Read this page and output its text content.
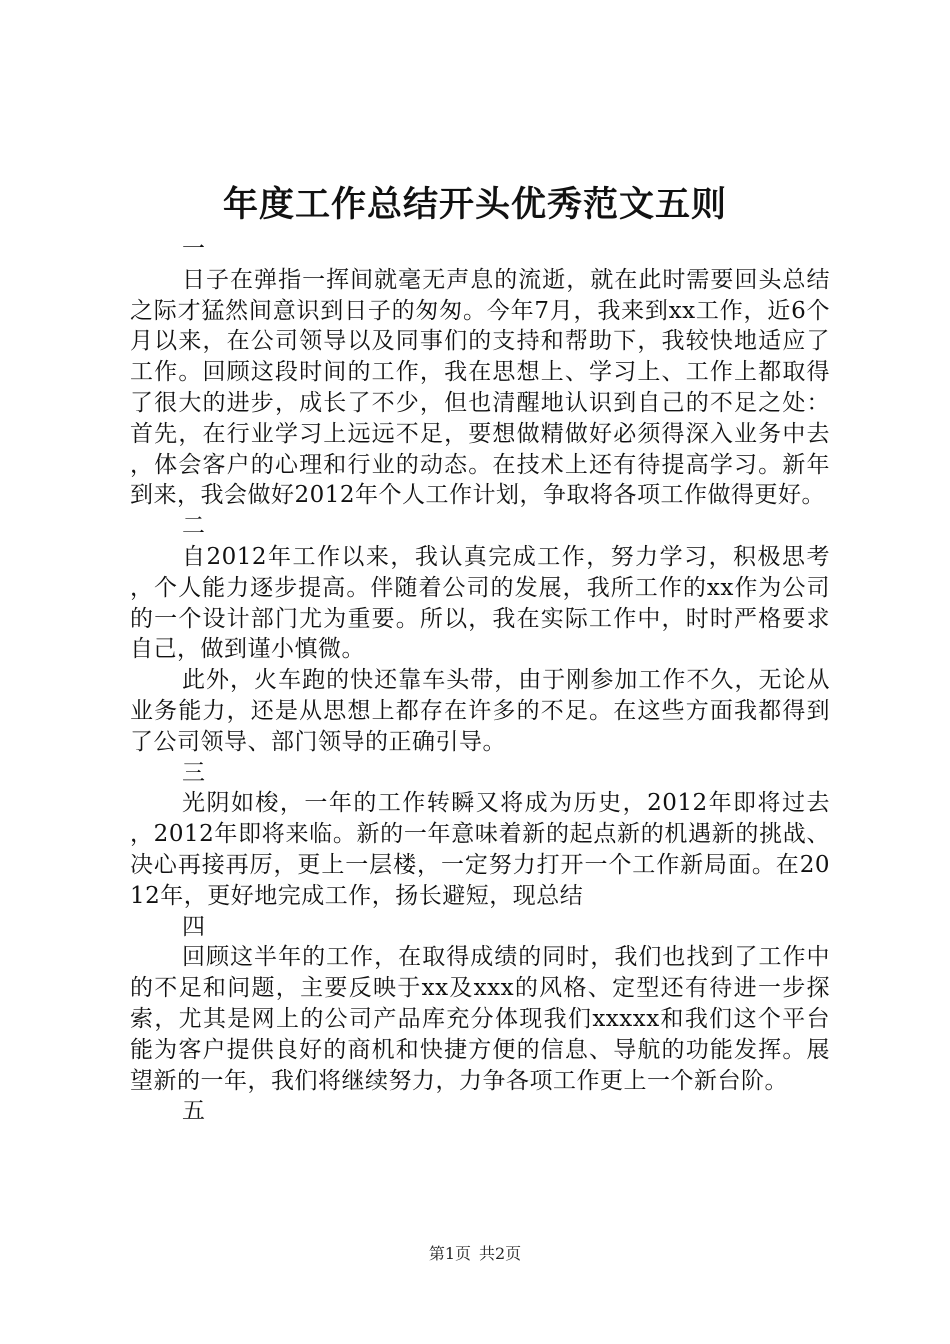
年度工作总结开头优秀范文五则
一

日子在弹指一挥间就毫无声息的流逝，就在此时需要回头总结之际才猛然间意识到日子的匆匆。今年7月，我来到xx工作，近6个月以来，在公司领导以及同事们的支持和帮助下，我较快地适应了工作。回顾这段时间的工作，我在思想上、学习上、工作上都取得了很大的进步，成长了不少，但也清醒地认识到自己的不足之处：首先，在行业学习上远远不足，要想做精做好必须得深入业务中去，体会客户的心理和行业的动态。在技术上还有待提高学习。新年到来，我会做好2012年个人工作计划，争取将各项工作做得更好。

二

自2012年工作以来，我认真完成工作，努力学习，积极思考，个人能力逐步提高。伴随着公司的发展，我所工作的xx作为公司的一个设计部门尤为重要。所以，我在实际工作中，时时严格要求自己，做到谨小慎微。

此外，火车跑的快还靠车头带，由于刚参加工作不久，无论从业务能力，还是从思想上都存在许多的不足。在这些方面我都得到了公司领导、部门领导的正确引导。

三

光阴如梭，一年的工作转瞬又将成为历史，2012年即将过去，2012年即将来临。新的一年意味着新的起点新的机遇新的挑战、决心再接再厉，更上一层楼，一定努力打开一个工作新局面。在2012年，更好地完成工作，扬长避短，现总结

四

回顾这半年的工作，在取得成绩的同时，我们也找到了工作中的不足和问题，主要反映于xx及xxx的风格、定型还有待进一步探索，尤其是网上的公司产品库充分体现我们xxxxx和我们这个平台能为客户提供良好的商机和快捷方便的信息、导航的功能发挥。展望新的一年，我们将继续努力，力争各项工作更上一个新台阶。

五
第1页 共2页
